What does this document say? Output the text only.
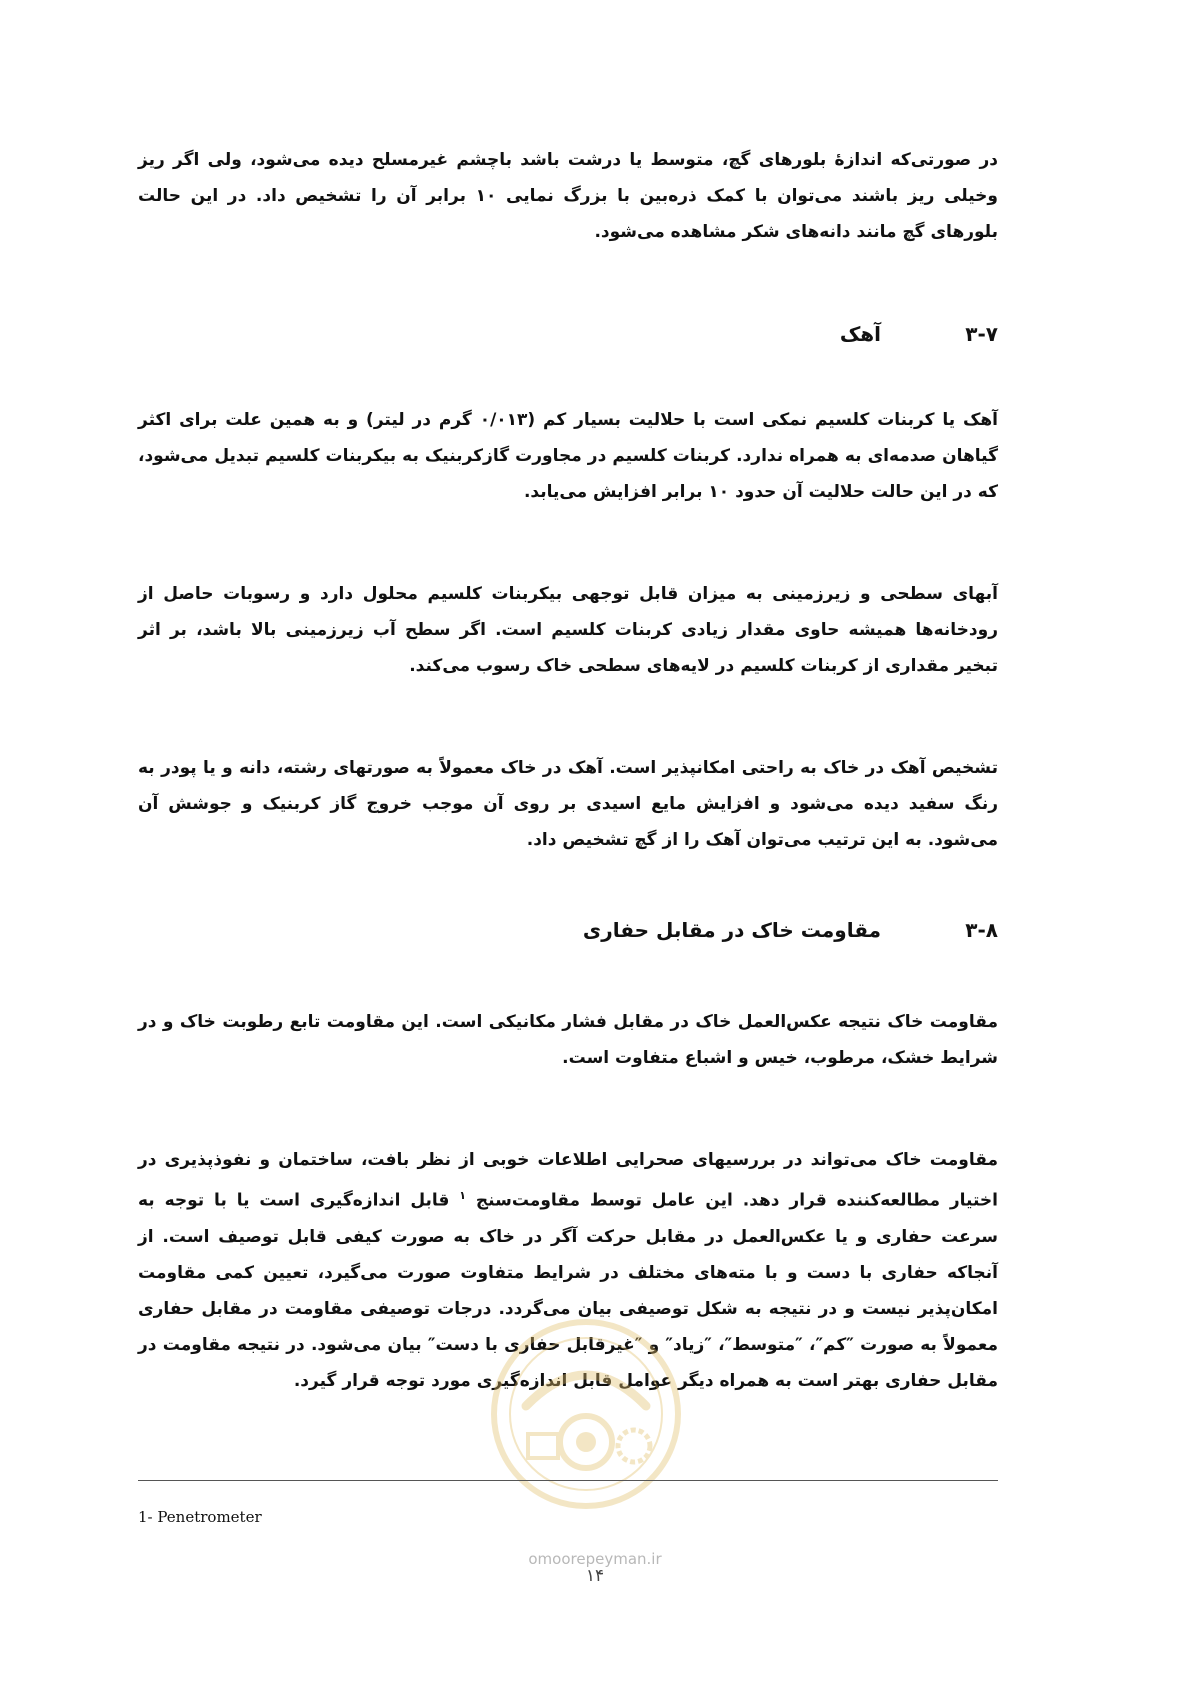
در صورتی‌که اندازهٔ بلورهای گچ، متوسط یا درشت باشد باچشم غیرمسلح دیده می‌شود، ولی اگر ریز وخیلی ریز باشند می‌توان با کمک ذره‌بین با بزرگ نمایی ۱۰ برابر آن را تشخیص داد. در این حالت بلورهای گچ مانند دانه‌های شکر مشاهده می‌شود.

۳-۷ آهک

آهک یا کربنات کلسیم نمکی است با حلالیت بسیار کم (۰/۰۱۳ گرم در لیتر) و به همین علت برای اکثر گیاهان صدمه‌ای به همراه ندارد. کربنات کلسیم در مجاورت گازکربنیک به بیکربنات کلسیم تبدیل می‌شود، که در این حالت حلالیت آن حدود ۱۰ برابر افزایش می‌یابد.

آبهای سطحی و زیرزمینی به میزان قابل توجهی بیکربنات کلسیم محلول دارد و رسوبات حاصل از رودخانه‌ها همیشه حاوی مقدار زیادی کربنات کلسیم است. اگر سطح آب زیرزمینی بالا باشد، بر اثر تبخیر مقداری از کربنات کلسیم در لایه‌های سطحی خاک رسوب می‌کند.

تشخیص آهک در خاک به راحتی امکانپذیر است. آهک در خاک معمولاً به صورتهای رشته، دانه و یا پودر به رنگ سفید دیده می‌شود و افزایش مایع اسیدی بر روی آن موجب خروج گاز کربنیک و جوشش آن می‌شود. به این ترتیب می‌توان آهک را از گچ تشخیص داد.

۳-۸ مقاومت خاک در مقابل حفاری

مقاومت خاک نتیجه عکس‌العمل خاک در مقابل فشار مکانیکی است. این مقاومت تابع رطوبت خاک و در شرایط خشک، مرطوب، خیس و اشباع متفاوت است.

مقاومت خاک می‌تواند در بررسیهای صحرایی اطلاعات خوبی از نظر بافت، ساختمان و نفوذپذیری در اختیار مطالعه‌کننده قرار دهد. این عامل توسط مقاومت‌سنج $^۱$ قابل اندازه‌گیری است یا با توجه به سرعت حفاری و یا عکس‌العمل در مقابل حرکت آگر در خاک به صورت کیفی قابل توصیف است. از آنجاکه حفاری با دست و با مته‌های مختلف در شرایط متفاوت صورت می‌گیرد، تعیین کمی مقاومت امکان‌پذیر نیست و در نتیجه به شکل توصیفی بیان می‌گردد. درجات توصیفی مقاومت در مقابل حفاری معمولاً به صورت ″کم″، ″متوسط″، ″زیاد″ و ″غیرقابل حفاری با دست″ بیان می‌شود. در نتیجه مقاومت در مقابل حفاری بهتر است به همراه دیگر عوامل قابل اندازه‌گیری مورد توجه قرار گیرد.

1- Penetrometer
omoorepeyman.ir
۱۴
